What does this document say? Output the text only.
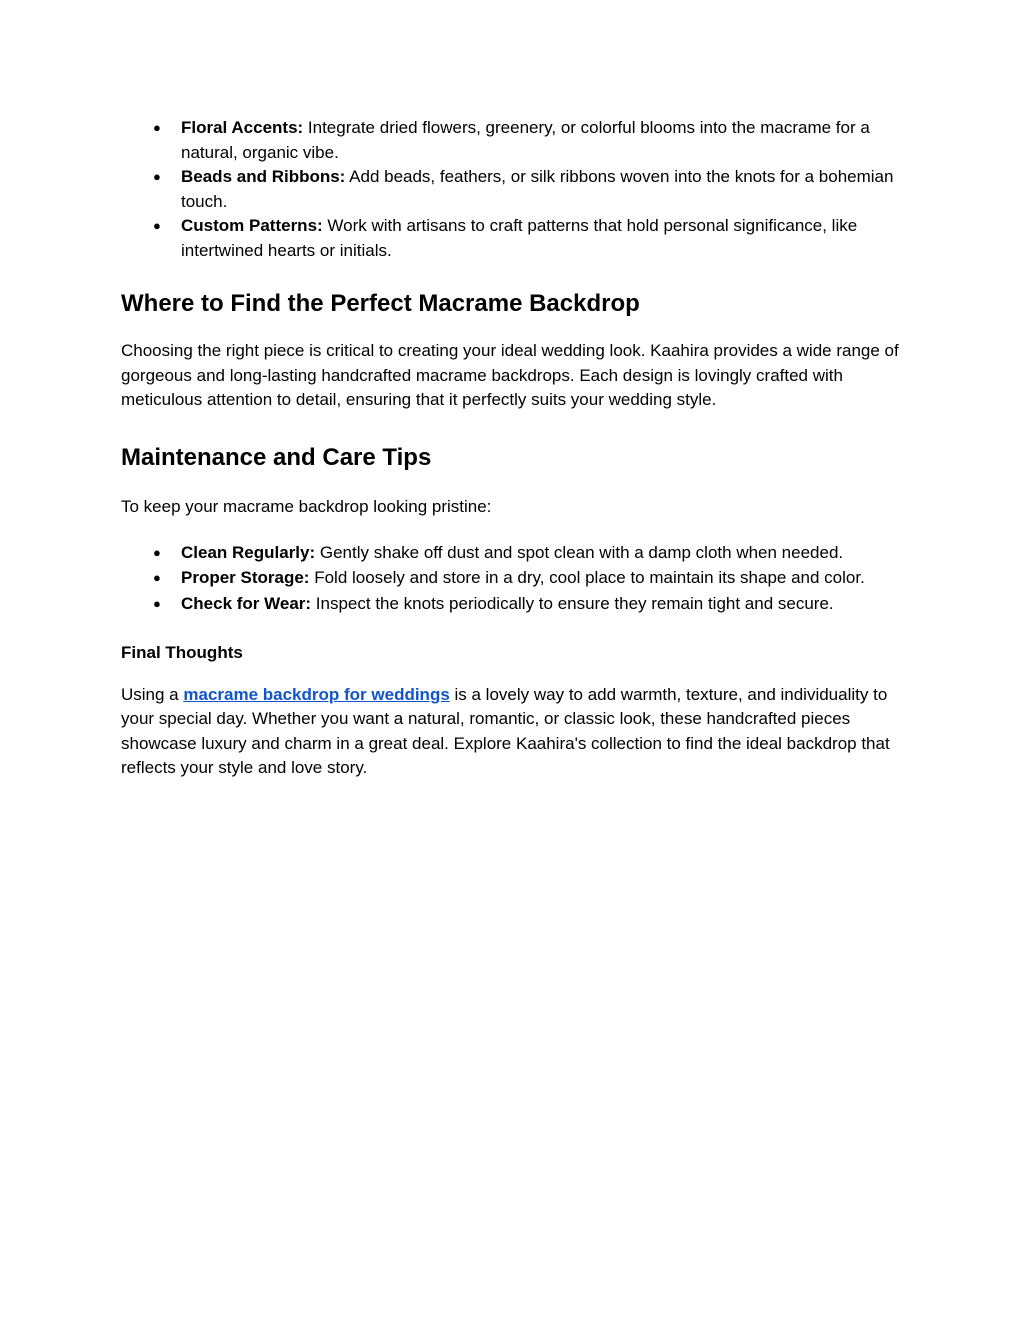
● Floral Accents: Integrate dried flowers, greenery, or colorful blooms into the macrame for a natural, organic vibe.
● Beads and Ribbons: Add beads, feathers, or silk ribbons woven into the knots for a bohemian touch.
● Custom Patterns: Work with artisans to craft patterns that hold personal significance, like intertwined hearts or initials.
Where to Find the Perfect Macrame Backdrop

Choosing the right piece is critical to creating your ideal wedding look. Kaahira provides a wide range of gorgeous and long-lasting handcrafted macrame backdrops. Each design is lovingly crafted with meticulous attention to detail, ensuring that it perfectly suits your wedding style.

Maintenance and Care Tips

To keep your macrame backdrop looking pristine:

● Clean Regularly: Gently shake off dust and spot clean with a damp cloth when needed.
● Proper Storage: Fold loosely and store in a dry, cool place to maintain its shape and color.
● Check for Wear: Inspect the knots periodically to ensure they remain tight and secure.
Final Thoughts

Using a macrame backdrop for weddings is a lovely way to add warmth, texture, and individuality to your special day. Whether you want a natural, romantic, or classic look, these handcrafted pieces showcase luxury and charm in a great deal. Explore Kaahira's collection to find the ideal backdrop that reflects your style and love story.
